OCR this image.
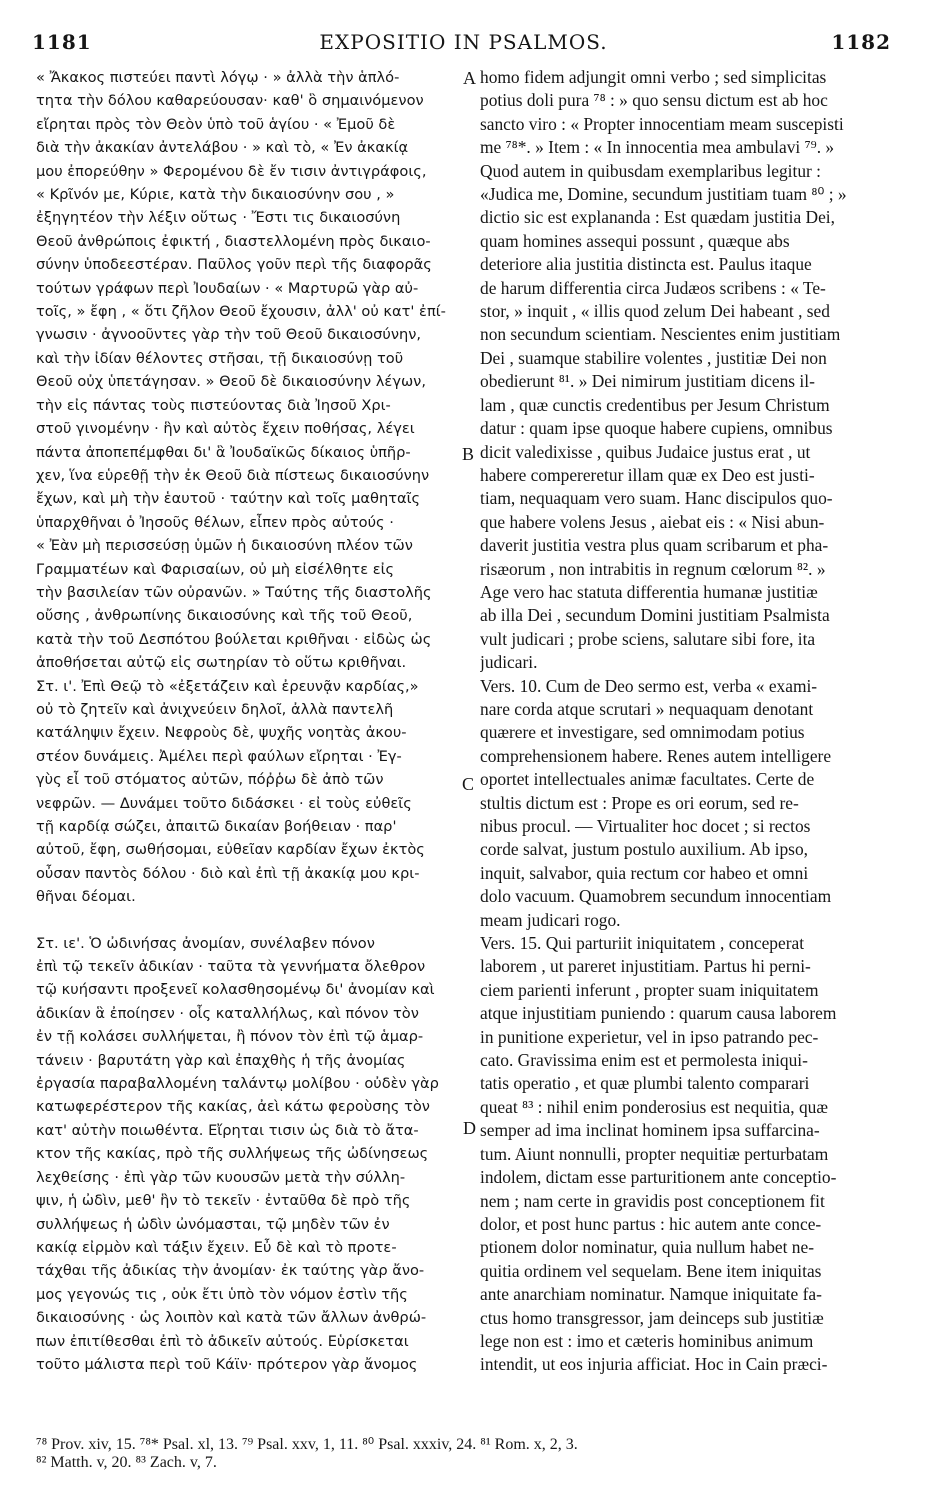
1181	EXPOSITIO IN PSALMOS.	1182
« Ἄκακος πιστεύει παντὶ λόγῳ · » ἀλλὰ τὴν ἁπλό-
τητα τὴν δόλου καθαρεύουσαν· καθ' ὃ σημαινόμενον
εἴρηται πρὸς τὸν Θεὸν ὑπὸ τοῦ ἁγίου · « Ἐμοῦ δὲ
διὰ τὴν ἀκακίαν ἀντελάβου · » καὶ τὸ, « Ἐν ἀκακίᾳ
μου ἐπορεύθην » Φερομένου δὲ ἔν τισιν ἀντιγράφοις,
« Κρῖνόν με, Κύριε, κατὰ τὴν δικαιοσύνην σου , »
ἐξηγητέον τὴν λέξιν οὕτως · Ἔστι τις δικαιοσύνη
Θεοῦ ἀνθρώποις ἐφικτή , διαστελλομένη πρὸς δικαιο-
σύνην ὑποδεεστέραν. Παῦλος γοῦν περὶ τῆς διαφορᾶς
τούτων γράφων περὶ Ἰουδαίων · « Μαρτυρῶ γὰρ αὐ-
τοῖς, » ἔφη , « ὅτι ζῆλον Θεοῦ ἔχουσιν, ἀλλ' οὐ κατ' ἐπί-
γνωσιν · ἀγνοοῦντες γὰρ τὴν τοῦ Θεοῦ δικαιοσύνην,
καὶ τὴν ἰδίαν θέλοντες στῆσαι, τῇ δικαιοσύνῃ τοῦ
Θεοῦ οὐχ ὑπετάγησαν. » Θεοῦ δὲ δικαιοσύνην λέγων,
τὴν εἰς πάντας τοὺς πιστεύοντας διὰ Ἰησοῦ Χρι-
στοῦ γινομένην · ἣν καὶ αὐτὸς ἔχειν ποθήσας, λέγει
πάντα ἀποπεπέμφθαι δι' ἃ Ἰουδαϊκῶς δίκαιος ὑπῆρ-
χεν, ἵνα εὑρεθῇ τὴν ἐκ Θεοῦ διὰ πίστεως δικαιοσύνην
ἔχων, καὶ μὴ τὴν ἑαυτοῦ · ταύτην καὶ τοῖς μαθηταῖς
ὑπαρχθῆναι ὁ Ἰησοῦς θέλων, εἶπεν πρὸς αὐτούς ·
« Ἐὰν μὴ περισσεύσῃ ὑμῶν ἡ δικαιοσύνη πλέον τῶν
Γραμματέων καὶ Φαρισαίων, οὐ μὴ εἰσέλθητε εἰς
τὴν βασιλείαν τῶν οὐρανῶν. » Ταύτης τῆς διαστολῆς
οὔσης , ἀνθρωπίνης δικαιοσύνης καὶ τῆς τοῦ Θεοῦ,
κατὰ τὴν τοῦ Δεσπότου βούλεται κριθῆναι · εἰδὼς ὡς
ἀποθήσεται αὐτῷ εἰς σωτηρίαν τὸ οὕτω κριθῆναι.
Στ. ι'. Ἐπὶ Θεῷ τὸ «ἐξετάζειν καὶ ἐρευνᾷν καρδίας,»
οὐ τὸ ζητεῖν καὶ ἀνιχνεύειν δηλοῖ, ἀλλὰ παντελῆ
κατάληψιν ἔχειν. Νεφροὺς δὲ, ψυχῆς νοητὰς ἀκου-
στέον δυνάμεις. Ἀμέλει περὶ φαύλων εἴρηται · Ἐγ-
γὺς εἶ τοῦ στόματος αὐτῶν, πόῤῥω δὲ ἀπὸ τῶν
νεφρῶν. — Δυνάμει τοῦτο διδάσκει · εἰ τοὺς εὐθεῖς
τῇ καρδίᾳ σώζει, ἀπαιτῶ δικαίαν βοήθειαν · παρ'
αὐτοῦ, ἔφη, σωθήσομαι, εὐθεῖαν καρδίαν ἔχων ἐκτὸς
οὖσαν παντὸς δόλου · διὸ καὶ ἐπὶ τῇ ἀκακίᾳ μου κρι-
θῆναι δέομαι.
Στ. ιε'. Ὁ ὠδινήσας ἀνομίαν, συνέλαβεν πόνον
ἐπὶ τῷ τεκεῖν ἀδικίαν · ταῦτα τὰ γεννήματα ὄλεθρον
τῷ κυήσαντι προξενεῖ κολασθησομένῳ δι' ἀνομίαν καὶ
ἀδικίαν ἃ ἐποίησεν · οἷς καταλλήλως, καὶ πόνον τὸν
ἐν τῇ κολάσει συλλήψεται, ἢ πόνον τὸν ἐπὶ τῷ ἁμαρ-
τάνειν · βαρυτάτη γὰρ καὶ ἐπαχθὴς ἡ τῆς ἀνομίας
ἐργασία παραβαλλομένη ταλάντῳ μολίβου · οὐδὲν γὰρ
κατωφερέστερον τῆς κακίας, ἀεὶ κάτω φεροὺσης τὸν
κατ' αὐτὴν ποιωθέντα. Εἴρηται τισιν ὡς διὰ τὸ ἄτα-
κτον τῆς κακίας, πρὸ τῆς συλλήψεως τῆς ὠδίνησεως
λεχθείσης · ἐπὶ γὰρ τῶν κυουσῶν μετὰ τὴν σύλλη-
ψιν, ἡ ὠδὶν, μεθ' ἣν τὸ τεκεῖν · ἐνταῦθα δὲ πρὸ τῆς
συλλήψεως ἡ ὠδὶν ὠνόμασται, τῷ μηδὲν τῶν ἐν
κακίᾳ εἰρμὸν καὶ τάξιν ἔχειν. Εὖ δὲ καὶ τὸ προτε-
τάχθαι τῆς ἀδικίας τὴν ἀνομίαν· ἐκ ταύτης γὰρ ἄνο-
μος γεγονώς τις , οὐκ ἔτι ὑπὸ τὸν νόμον ἐστὶν τῆς
δικαιοσύνης · ὡς λοιπὸν καὶ κατὰ τῶν ἄλλων ἀνθρώ-
πων ἐπιτίθεσθαι ἐπὶ τὸ ἀδικεῖν αὐτούς. Εὑρίσκεται
τοῦτο μάλιστα περὶ τοῦ Κάϊν· πρότερον γὰρ ἄνομος
homo fidem adjungit omni verbo ; sed simplicitas
potius doli pura ⁷⁸ : » quo sensu dictum est ab hoc
sancto viro : « Propter innocentiam meam suscepisti
me ⁷⁸*. » Item : « In innocentia mea ambulavi ⁷⁹. »
Quod autem in quibusdam exemplaribus legitur :
«Judica me, Domine, secundum justitiam tuam ⁸⁰ ; »
dictio sic est explananda : Est quædam justitia Dei,
quam homines assequi possunt , quæque abs
deteriore alia justitia distincta est. Paulus itaque
de harum differentia circa Judæos scribens : « Te-
stor, » inquit , « illis quod zelum Dei habeant , sed
non secundum scientiam. Nescientes enim justitiam
Dei , suamque stabilire volentes , justitiæ Dei non
obedierunt ⁸¹. » Dei nimirum justitiam dicens il-
lam , quæ cunctis credentibus per Jesum Christum
datur : quam ipse quoque habere cupiens, omnibus
dicit valedixisse , quibus Judaice justus erat , ut
habere compereretur illam quæ ex Deo est justi-
tiam, nequaquam vero suam. Hanc discipulos quo-
que habere volens Jesus , aiebat eis : « Nisi abun-
daverit justitia vestra plus quam scribarum et pha-
risæorum , non intrabitis in regnum cœlorum ⁸². »
Age vero hac statuta differentia humanæ justitiæ
ab illa Dei , secundum Domini justitiam Psalmista
vult judicari ; probe sciens, salutare sibi fore, ita
judicari.
Vers. 10. Cum de Deo sermo est, verba « exami-
nare corda atque scrutari » nequaquam denotant
quærere et investigare, sed omnimodam potius
comprehensionem habere. Renes autem intelligere
oportet intellectuales animæ facultates. Certe de
stultis dictum est : Prope es ori eorum, sed re-
nibus procul. — Virtualiter hoc docet ; si rectos
corde salvat, justum postulo auxilium. Ab ipso,
inquit, salvabor, quia rectum cor habeo et omni
dolo vacuum. Quamobrem secundum innocentiam
meam judicari rogo.
Vers. 15. Qui parturiit iniquitatem , conceperat
laborem , ut pareret injustitiam. Partus hi perni-
ciem parienti inferunt , propter suam iniquitatem
atque injustitiam puniendo : quarum causa laborem
in punitione experietur, vel in ipso patrando pec-
cato. Gravissima enim est et permolesta iniqui-
tatis operatio , et quæ plumbi talento comparari
queat ⁸³ : nihil enim ponderosius est nequitia, quæ
semper ad ima inclinat hominem ipsa suffarcina-
tum. Aiunt nonnulli, propter nequitiæ perturbatam
indolem, dictam esse parturitionem ante conceptio-
nem ; nam certe in gravidis post conceptionem fit
dolor, et post hunc partus : hic autem ante conce-
ptionem dolor nominatur, quia nullum habet ne-
quitia ordinem vel sequelam. Bene item iniquitas
ante anarchiam nominatur. Namque iniquitate fa-
ctus homo transgressor, jam deinceps sub justitiæ
lege non est : imo et cæteris hominibus animum
intendit, ut eos injuria afficiat. Hoc in Cain præci-
A
B
C
D
⁷⁸ Prov. xiv, 15. ⁷⁸* Psal. xl, 13. ⁷⁹ Psal. xxv, 1, 11. ⁸⁰ Psal. xxxiv, 24. ⁸¹ Rom. x, 2, 3.
⁸² Matth. v, 20. ⁸³ Zach. v, 7.
